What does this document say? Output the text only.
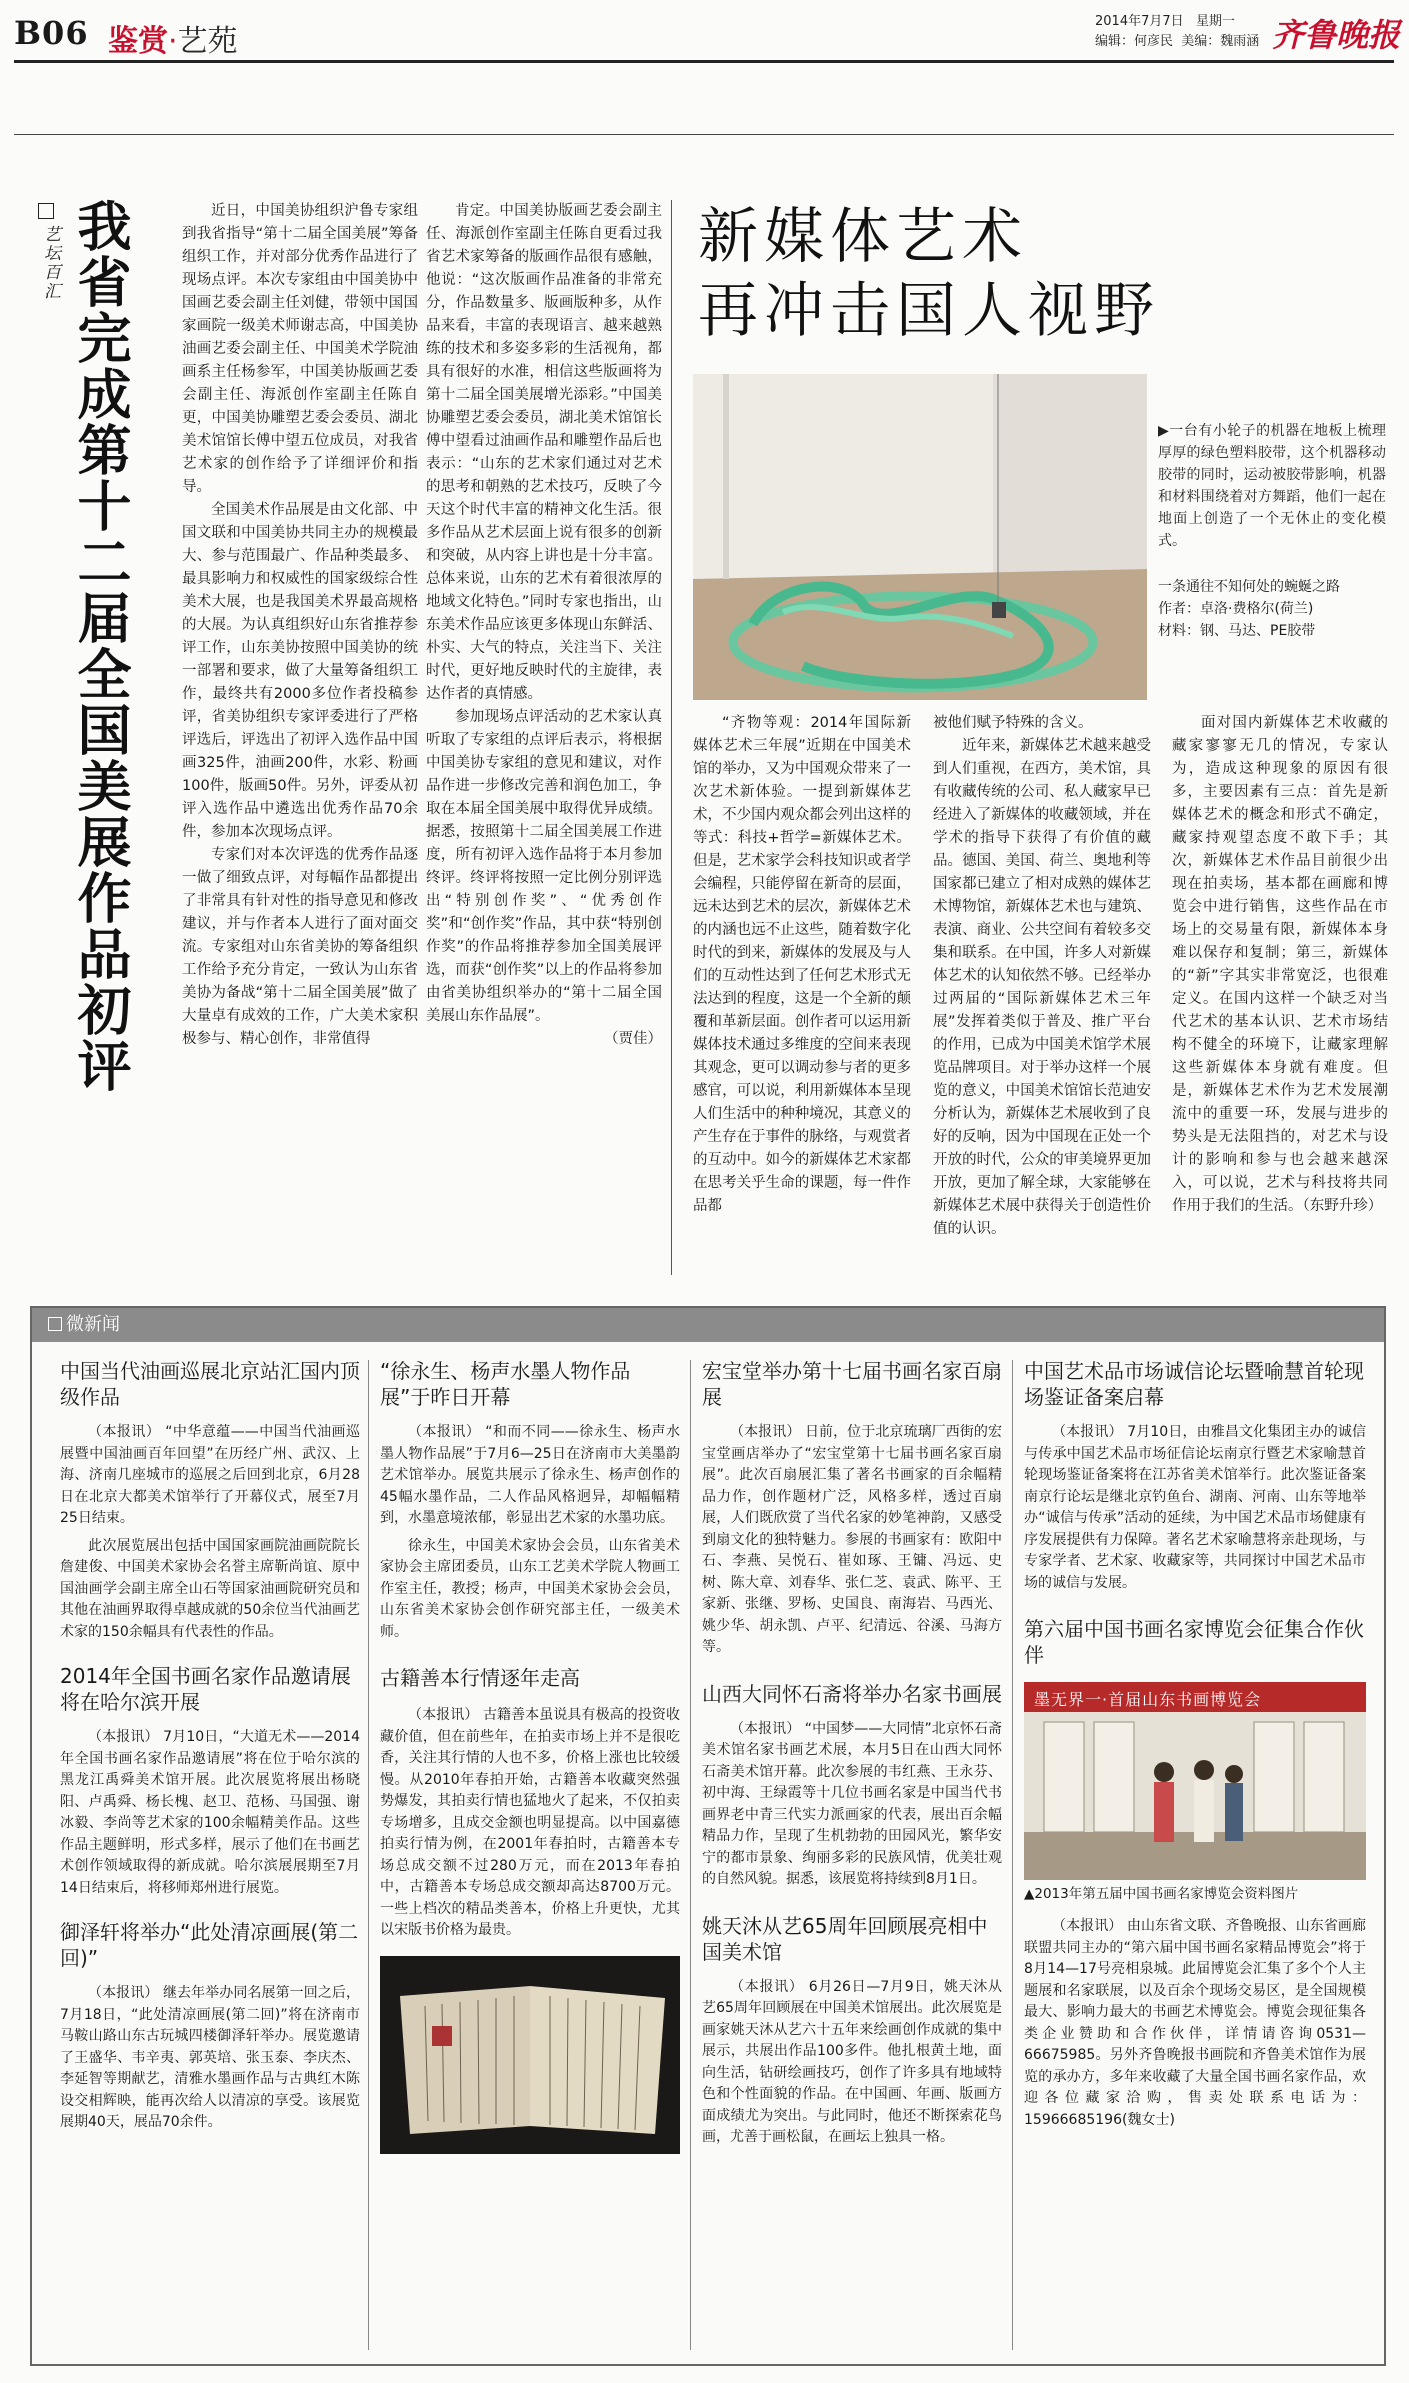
B06 鉴赏·艺苑
2014年7月7日 星期一
编辑：何彦民 美编：魏雨涵 齐鲁晚报
艺坛百汇 我省完成第十二届全国美展作品初评	近日，中国美协组织沪鲁专家组到我省指导“第十二届全国美展”筹备组织工作，并对部分优秀作品进行了现场点评。本次专家组由中国美协中国画艺委会副主任刘健，带领中国国家画院一级美术师谢志高，中国美协油画艺委会副主任、中国美术学院油画系主任杨参军，中国美协版画艺委会副主任、海派创作室副主任陈自更，中国美协雕塑艺委会委员、湖北美术馆馆长傅中望五位成员，对我省艺术家的创作给予了详细评价和指导。

全国美术作品展是由文化部、中国文联和中国美协共同主办的规模最大、参与范围最广、作品种类最多、最具影响力和权威性的国家级综合性美术大展，也是我国美术界最高规格的大展。为认真组织好山东省推荐参评工作，山东美协按照中国美协的统一部署和要求，做了大量筹备组织工作，最终共有2000多位作者投稿参评，省美协组织专家评委进行了严格评选后，评选出了初评入选作品中国画325件，油画200件，水彩、粉画100件，版画50件。另外，评委从初评入选作品中遴选出优秀作品70余件，参加本次现场点评。

专家们对本次评选的优秀作品逐一做了细致点评，对每幅作品都提出了非常具有针对性的指导意见和修改建议，并与作者本人进行了面对面交流。专家组对山东省美协的筹备组织工作给予充分肯定，一致认为山东省美协为备战“第十二届全国美展”做了大量卓有成效的工作，广大美术家积极参与、精心创作，非常值得

肯定。中国美协版画艺委会副主任、海派创作室副主任陈自更看过我省艺术家筹备的版画作品很有感触，他说：“这次版画作品准备的非常充分，作品数量多、版画版种多，从作品来看，丰富的表现语言、越来越熟练的技术和多姿多彩的生活视角，都具有很好的水准，相信这些版画将为第十二届全国美展增光添彩。”中国美协雕塑艺委会委员，湖北美术馆馆长傅中望看过油画作品和雕塑作品后也表示：“山东的艺术家们通过对艺术的思考和朝熟的艺术技巧，反映了今天这个时代丰富的精神文化生活。很多作品从艺术层面上说有很多的创新和突破，从内容上讲也是十分丰富。总体来说，山东的艺术有着很浓厚的地域文化特色。”同时专家也指出，山东美术作品应该更多体现山东鲜活、朴实、大气的特点，关注当下、关注时代，更好地反映时代的主旋律，表达作者的真情感。

参加现场点评活动的艺术家认真听取了专家组的点评后表示，将根据中国美协专家组的意见和建议，对作品作进一步修改完善和润色加工，争取在本届全国美展中取得优异成绩。据悉，按照第十二届全国美展工作进度，所有初评入选作品将于本月参加终评。终评将按照一定比例分别评选出“特别创作奖”、“优秀创作奖”和“创作奖”作品，其中获“特别创作奖”的作品将推荐参加全国美展评选，而获“创作奖”以上的作品将参加由省美协组织举办的“第十二届全国美展山东作品展”。

（贾佳）

新媒体艺术
再冲击国人视野

▶一台有小轮子的机器在地板上梳理厚厚的绿色塑料胶带，这个机器移动胶带的同时，运动被胶带影响，机器和材料围绕着对方舞蹈，他们一起在地面上创造了一个无休止的变化模式。

一条通往不知何处的蜿蜒之路

作者：卓洛·费格尔(荷兰)

材料：钢、马达、PE胶带

“齐物等观：2014年国际新媒体艺术三年展”近期在中国美术馆的举办，又为中国观众带来了一次艺术新体验。一提到新媒体艺术，不少国内观众都会列出这样的等式：科技+哲学=新媒体艺术。但是，艺术家学会科技知识或者学会编程，只能停留在新奇的层面，远未达到艺术的层次，新媒体艺术的内涵也远不止这些，随着数字化时代的到来，新媒体的发展及与人们的互动性达到了任何艺术形式无法达到的程度，这是一个全新的颠覆和革新层面。创作者可以运用新媒体技术通过多维度的空间来表现其观念，更可以调动参与者的更多感官，可以说，利用新媒体本呈现人们生活中的种种境况，其意义的产生存在于事件的脉络，与观赏者的互动中。如今的新媒体艺术家都在思考关乎生命的课题，每一件作品都

被他们赋予特殊的含义。

近年来，新媒体艺术越来越受到人们重视，在西方，美术馆，具有收藏传统的公司、私人藏家早已经进入了新媒体的收藏领域，并在学术的指导下获得了有价值的藏品。德国、美国、荷兰、奥地利等国家都已建立了相对成熟的媒体艺术博物馆，新媒体艺术也与建筑、表演、商业、公共空间有着较多交集和联系。在中国，许多人对新媒体艺术的认知依然不够。已经举办过两届的“国际新媒体艺术三年展”发挥着类似于普及、推广平台的作用，已成为中国美术馆学术展览品牌项目。对于举办这样一个展览的意义，中国美术馆馆长范迪安分析认为，新媒体艺术展收到了良好的反响，因为中国现在正处一个开放的时代，公众的审美境界更加开放，更加了解全球，大家能够在新媒体艺术展中获得关于创造性价值的认识。

面对国内新媒体艺术收藏的藏家寥寥无几的情况，专家认为，造成这种现象的原因有很多，主要因素有三点：首先是新媒体艺术的概念和形式不确定，藏家持观望态度不敢下手；其次，新媒体艺术作品目前很少出现在拍卖场，基本都在画廊和博览会中进行销售，这些作品在市场上的交易量有限，新媒体本身难以保存和复制；第三，新媒体的“新”字其实非常宽泛，也很难定义。在国内这样一个缺乏对当代艺术的基本认识、艺术市场结构不健全的环境下，让藏家理解这些新媒体本身就有难度。但是，新媒体艺术作为艺术发展潮流中的重要一环，发展与进步的势头是无法阻挡的，对艺术与设计的影响和参与也会越来越深入，可以说，艺术与科技将共同作用于我们的生活。（东野升珍）

微新闻
中国当代油画巡展北京站汇国内顶级作品

（本报讯） “中华意蕴——中国当代油画巡展暨中国油画百年回望”在历经广州、武汉、上海、济南几座城市的巡展之后回到北京，6月28日在北京大都美术馆举行了开幕仪式，展至7月25日结束。

此次展览展出包括中国国家画院油画院院长詹建俊、中国美术家协会名誉主席靳尚谊、原中国油画学会副主席全山石等国家油画院研究员和其他在油画界取得卓越成就的50余位当代油画艺术家的150余幅具有代表性的作品。

2014年全国书画名家作品邀请展将在哈尔滨开展

（本报讯） 7月10日，“大道无术——2014年全国书画名家作品邀请展”将在位于哈尔滨的黑龙江禹舜美术馆开展。此次展览将展出杨晓阳、卢禹舜、杨长槐、赵卫、范杨、马国强、谢冰毅、李尚等艺术家的100余幅精美作品。这些作品主题鲜明，形式多样，展示了他们在书画艺术创作领域取得的新成就。哈尔滨展展期至7月14日结束后，将移师郑州进行展览。

御泽轩将举办“此处清凉画展(第二回)”

（本报讯） 继去年举办同名展第一回之后，7月18日，“此处清凉画展(第二回)”将在济南市马鞍山路山东古玩城四楼御泽轩举办。展览邀请了王盛华、韦辛夷、郭英培、张玉泰、李庆杰、李延智等期献艺，清雅水墨画作品与古典红木陈设交相辉映，能再次给人以清凉的享受。该展览展期40天，展品70余件。

“徐永生、杨声水墨人物作品展”于昨日开幕

（本报讯） “和而不同——徐永生、杨声水墨人物作品展”于7月6—25日在济南市大美墨韵艺术馆举办。展览共展示了徐永生、杨声创作的45幅水墨作品，二人作品风格迥异，却幅幅精到，水墨意境浓郁，彰显出艺术家的水墨功底。

徐永生，中国美术家协会会员，山东省美术家协会主席团委员，山东工艺美术学院人物画工作室主任，教授；杨声，中国美术家协会会员，山东省美术家协会创作研究部主任，一级美术师。

古籍善本行情逐年走高

（本报讯） 古籍善本虽说具有极高的投资收藏价值，但在前些年，在拍卖市场上并不是很吃香，关注其行情的人也不多，价格上涨也比较缓慢。从2010年春拍开始，古籍善本收藏突然强势爆发，其拍卖行情也猛地火了起来，不仅拍卖专场增多，且成交金额也明显提高。以中国嘉德拍卖行情为例，在2001年春拍时，古籍善本专场总成交额不过280万元，而在2013年春拍中，古籍善本专场总成交额却高达8700万元。一些上档次的精品类善本，价格上升更快，尤其以宋版书价格为最贵。

宏宝堂举办第十七届书画名家百扇展

（本报讯） 日前，位于北京琉璃厂西街的宏宝堂画店举办了“宏宝堂第十七届书画名家百扇展”。此次百扇展汇集了著名书画家的百余幅精品力作，创作题材广泛，风格多样，透过百扇展，人们既欣赏了当代名家的妙笔神韵，又感受到扇文化的独特魅力。参展的书画家有：欧阳中石、李燕、吴悦石、崔如琢、王镛、冯远、史树、陈大章、刘春华、张仁芝、袁武、陈平、王家新、张继、罗杨、史国良、南海岩、马西光、姚少华、胡永凯、卢平、纪清远、谷溪、马海方等。

山西大同怀石斋将举办名家书画展

（本报讯） “中国梦——大同情”北京怀石斋美术馆名家书画艺术展，本月5日在山西大同怀石斋美术馆开幕。此次参展的韦红燕、王永芬、初中海、王绿霞等十几位书画名家是中国当代书画界老中青三代实力派画家的代表，展出百余幅精品力作，呈现了生机勃勃的田园风光，繁华安宁的都市景象、绚丽多彩的民族风情，优美壮观的自然风貌。据悉，该展览将持续到8月1日。

姚天沐从艺65周年回顾展亮相中国美术馆

（本报讯） 6月26日—7月9日，姚天沐从艺65周年回顾展在中国美术馆展出。此次展览是画家姚天沐从艺六十五年来绘画创作成就的集中展示，共展出作品100多件。他扎根黄土地，面向生活，钻研绘画技巧，创作了许多具有地域特色和个性面貌的作品。在中国画、年画、版画方面成绩尤为突出。与此同时，他还不断探索花鸟画，尤善于画松鼠，在画坛上独具一格。

中国艺术品市场诚信论坛暨喻慧首轮现场鉴证备案启幕

（本报讯） 7月10日，由雅昌文化集团主办的诚信与传承中国艺术品市场征信论坛南京行暨艺术家喻慧首轮现场鉴证备案将在江苏省美术馆举行。此次鉴证备案南京行论坛是继北京钓鱼台、湖南、河南、山东等地举办“诚信与传承”活动的延续，为中国艺术品市场健康有序发展提供有力保障。著名艺术家喻慧将亲赴现场，与专家学者、艺术家、收藏家等，共同探讨中国艺术品市场的诚信与发展。

第六届中国书画名家博览会征集合作伙伴
墨无界一·首届山东书画博览会

▲2013年第五届中国书画名家博览会资料图片

（本报讯） 由山东省文联、齐鲁晚报、山东省画廊联盟共同主办的“第六届中国书画名家精品博览会”将于8月14—17号亮相泉城。此届博览会汇集了多个个人主题展和名家联展，以及百余个现场交易区，是全国规模最大、影响力最大的书画艺术博览会。博览会现征集各类企业赞助和合作伙伴，详情请咨询0531—66675985。另外齐鲁晚报书画院和齐鲁美术馆作为展览的承办方，多年来收藏了大量全国书画名家作品，欢迎各位藏家洽购，售卖处联系电话为：15966685196(魏女士)
